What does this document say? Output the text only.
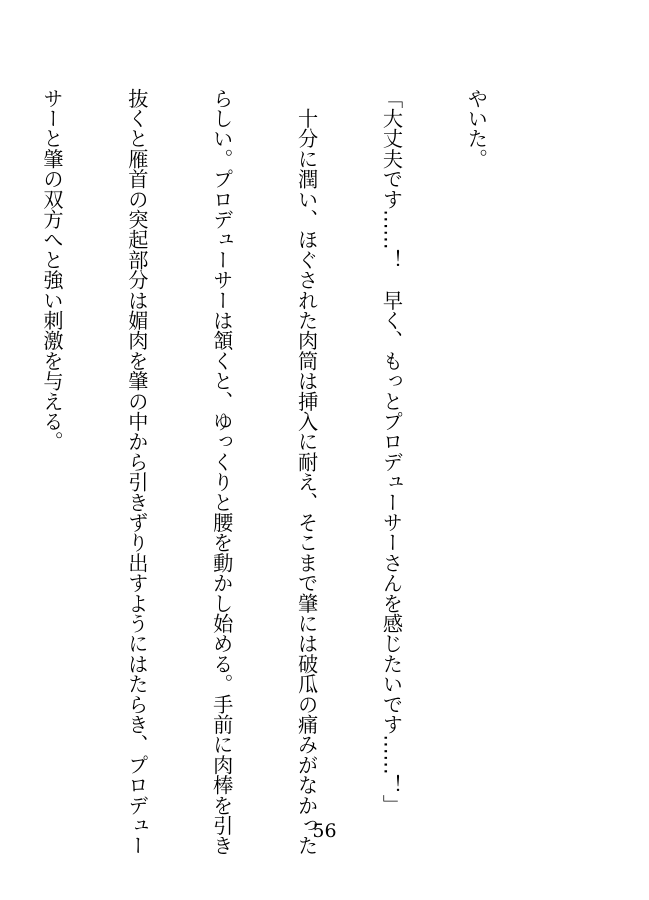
やいた。

「大丈夫です……！　早く、もっとプロデューサーさんを感じたいです……！」

　十分に潤い、ほぐされた肉筒は挿入に耐え、そこまで肇には破瓜の痛みがなかった

らしい。プロデューサーは頷くと、ゆっくりと腰を動かし始める。手前に肉棒を引き

抜くと雁首の突起部分は媚肉を肇の中から引きずり出すようにはたらき、プロデュー

サーと肇の双方へと強い刺激を与える。

56
